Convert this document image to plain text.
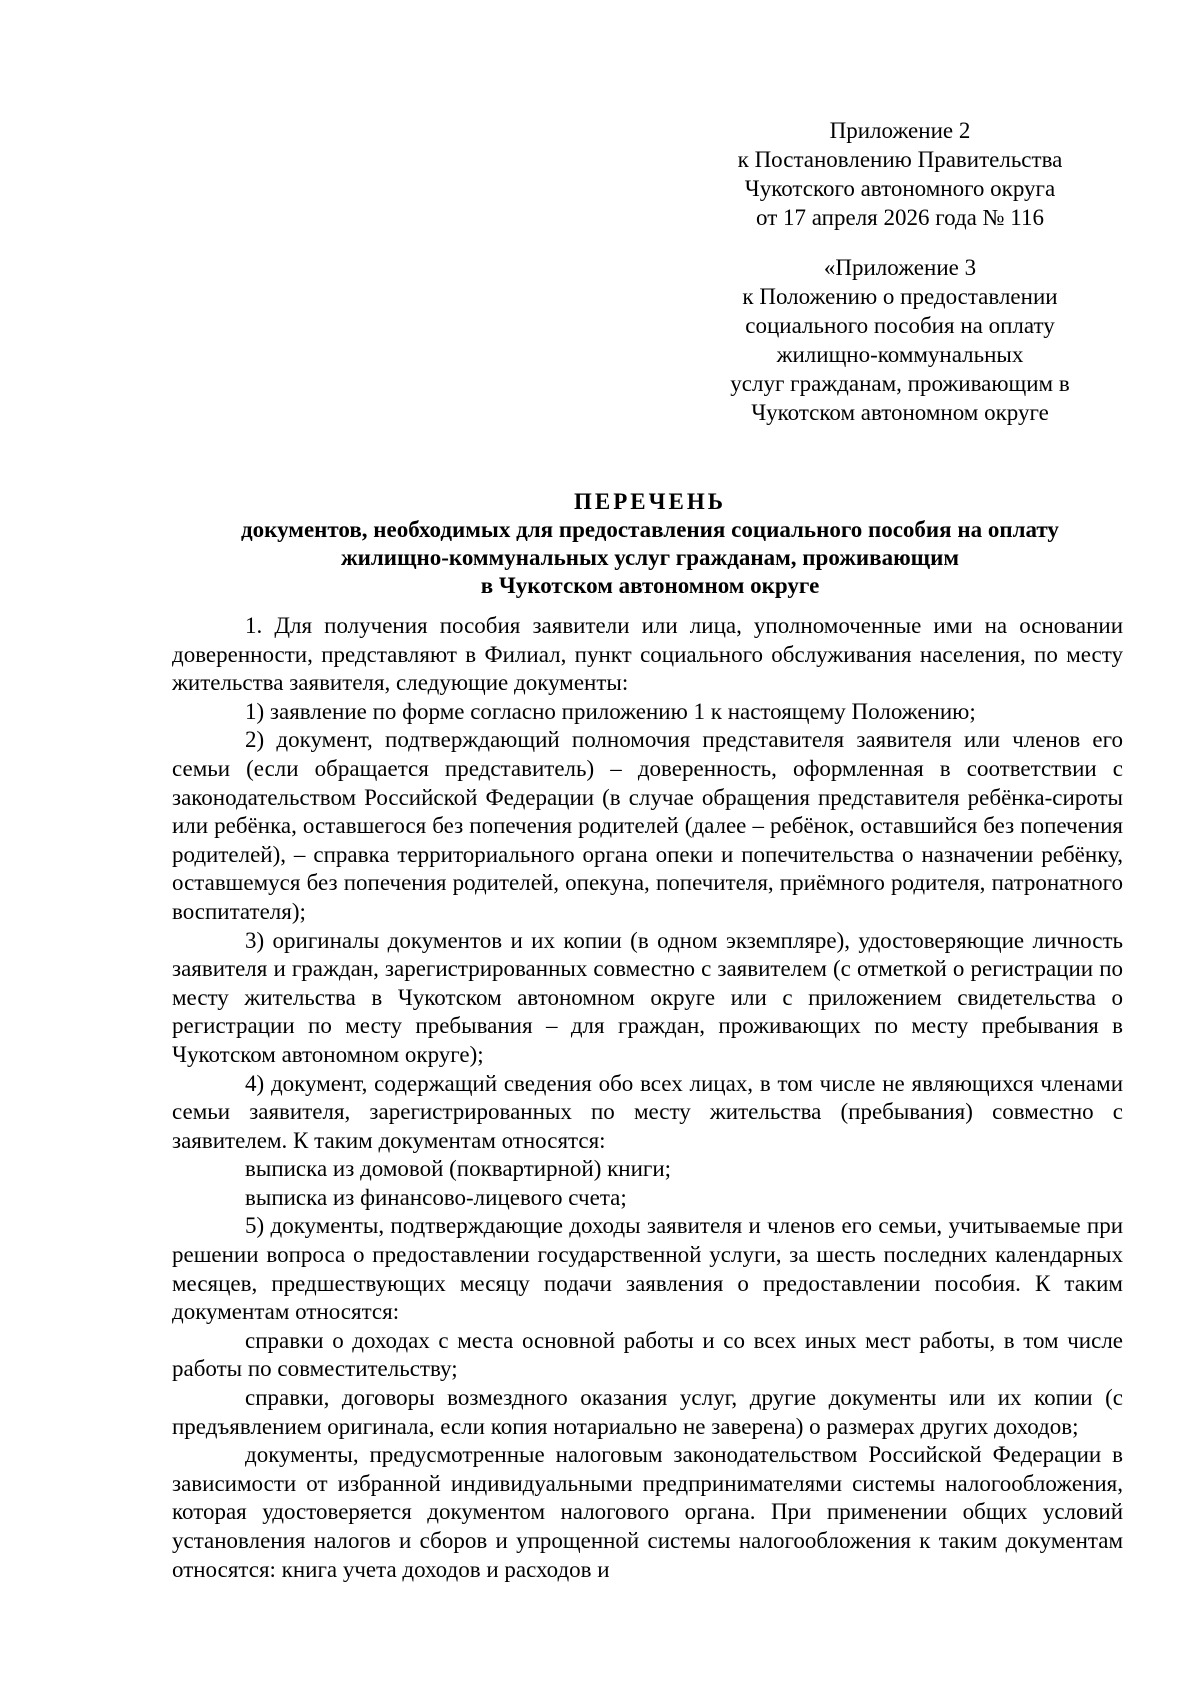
Приложение 2
к Постановлению Правительства
Чукотского автономного округа
от 17 апреля 2026 года № 116
«Приложение 3
к Положению о предоставлении
социального пособия на оплату
жилищно-коммунальных
услуг гражданам, проживающим в
Чукотском автономном округе
ПЕРЕЧЕНЬ
документов, необходимых для предоставления социального пособия на оплату
жилищно-коммунальных услуг гражданам, проживающим
в Чукотском автономном округе

1. Для получения пособия заявители или лица, уполномоченные ими на основании доверенности, представляют в Филиал, пункт социального обслуживания населения, по месту жительства заявителя, следующие документы:

1) заявление по форме согласно приложению 1 к настоящему Положению;

2) документ, подтверждающий полномочия представителя заявителя или членов его семьи (если обращается представитель) – доверенность, оформленная в соответствии с законодательством Российской Федерации (в случае обращения представителя ребёнка-сироты или ребёнка, оставшегося без попечения родителей (далее – ребёнок, оставшийся без попечения родителей), – справка территориального органа опеки и попечительства о назначении ребёнку, оставшемуся без попечения родителей, опекуна, попечителя, приёмного родителя, патронатного воспитателя);

3) оригиналы документов и их копии (в одном экземпляре), удостоверяющие личность заявителя и граждан, зарегистрированных совместно с заявителем (с отметкой о регистрации по месту жительства в Чукотском автономном округе или с приложением свидетельства о регистрации по месту пребывания – для граждан, проживающих по месту пребывания в Чукотском автономном округе);

4) документ, содержащий сведения обо всех лицах, в том числе не являющихся членами семьи заявителя, зарегистрированных по месту жительства (пребывания) совместно с заявителем. К таким документам относятся:

выписка из домовой (поквартирной) книги;

выписка из финансово-лицевого счета;

5) документы, подтверждающие доходы заявителя и членов его семьи, учитываемые при решении вопроса о предоставлении государственной услуги, за шесть последних календарных месяцев, предшествующих месяцу подачи заявления о предоставлении пособия. К таким документам относятся:

справки о доходах с места основной работы и со всех иных мест работы, в том числе работы по совместительству;

справки, договоры возмездного оказания услуг, другие документы или их копии (с предъявлением оригинала, если копия нотариально не заверена) о размерах других доходов;

документы, предусмотренные налоговым законодательством Российской Федерации в зависимости от избранной индивидуальными предпринимателями системы налогообложения, которая удостоверяется документом налогового органа. При применении общих условий установления налогов и сборов и упрощенной системы налогообложения к таким документам относятся: книга учета доходов и расходов и
